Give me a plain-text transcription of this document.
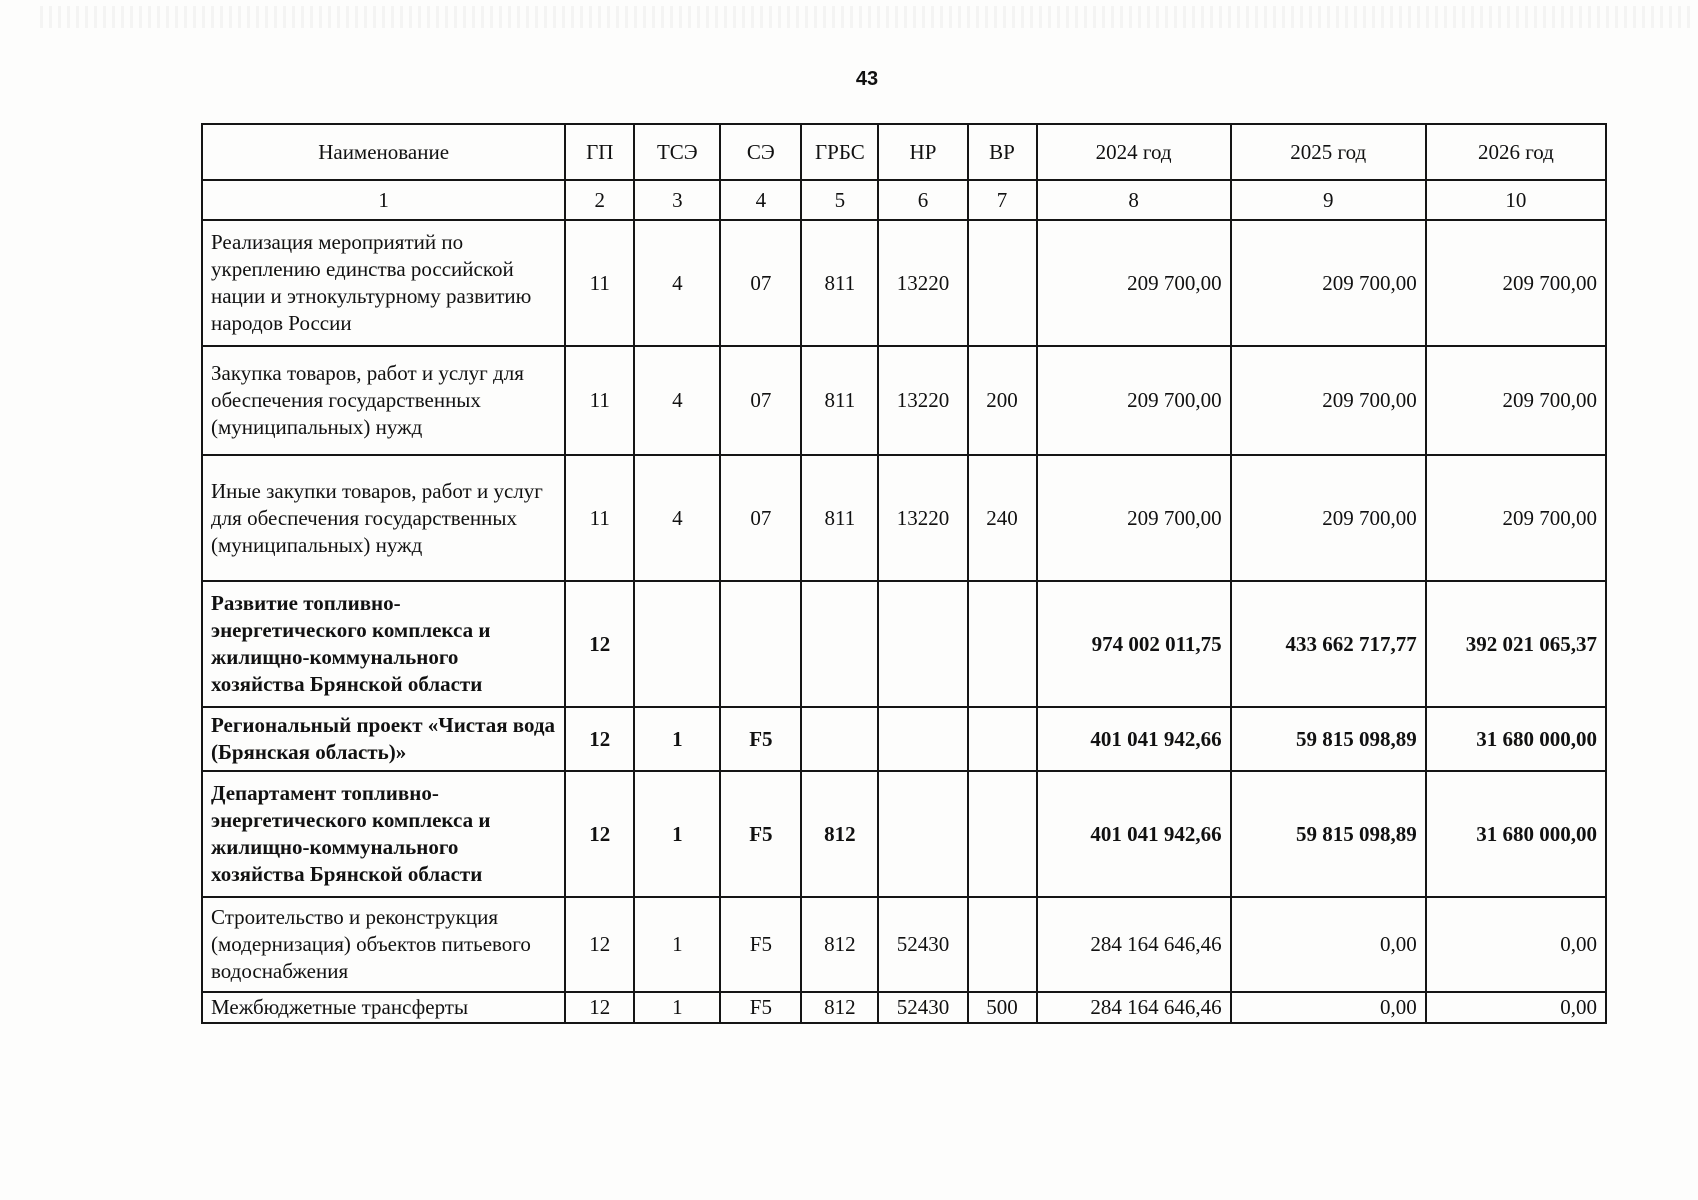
43
Наименование	ГП	ТСЭ	СЭ	ГРБС	НР	ВР	2024 год	2025 год	2026 год
1	2	3	4	5	6	7	8	9	10
Реализация мероприятий по укреплению единства российской нации и этнокультурному развитию народов России	11	4	07	811	13220		209 700,00	209 700,00	209 700,00
Закупка товаров, работ и услуг для обеспечения государственных (муниципальных) нужд	11	4	07	811	13220	200	209 700,00	209 700,00	209 700,00
Иные закупки товаров, работ и услуг для обеспечения государственных (муниципальных) нужд	11	4	07	811	13220	240	209 700,00	209 700,00	209 700,00
Развитие топливно-энергетического комплекса и жилищно-коммунального хозяйства Брянской области	12						974 002 011,75	433 662 717,77	392 021 065,37
Региональный проект «Чистая вода (Брянская область)»	12	1	F5				401 041 942,66	59 815 098,89	31 680 000,00
Департамент топливно-энергетического комплекса и жилищно-коммунального хозяйства Брянской области	12	1	F5	812			401 041 942,66	59 815 098,89	31 680 000,00
Строительство и реконструкция (модернизация) объектов питьевого водоснабжения	12	1	F5	812	52430		284 164 646,46	0,00	0,00
Межбюджетные трансферты	12	1	F5	812	52430	500	284 164 646,46	0,00	0,00
